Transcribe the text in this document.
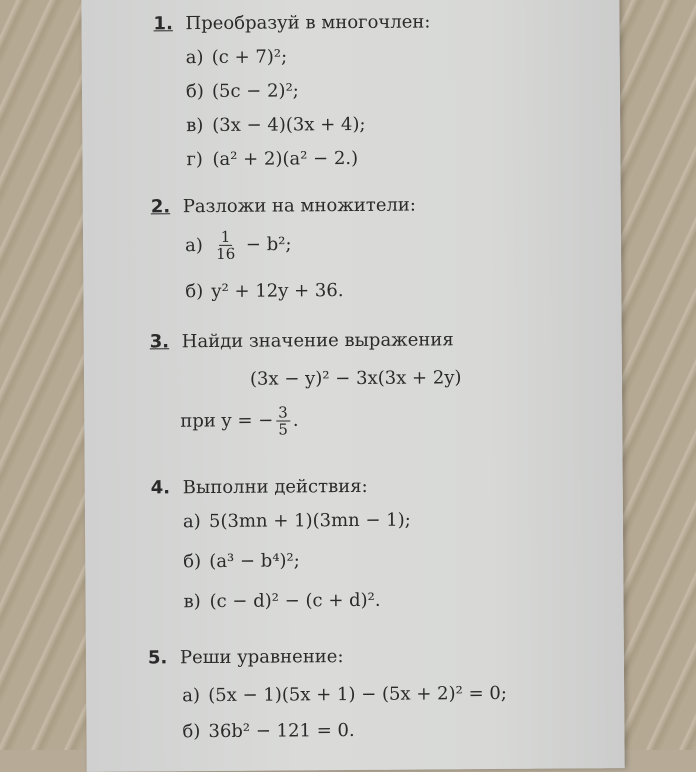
1. Преобразуй в многочлен:
а) (c + 7)²;
б) (5c − 2)²;
в) (3x − 4)(3x + 4);
г) (a² + 2)(a² − 2.)
2. Разложи на множители:
$а) \frac{1}{16} - b^2$;
б) y² + 12y + 36.
3. Найди значение выражения
(3x − y)² − 3x(3x + 2y)
при y = − $\frac{3}{5}$ .
4. Выполни действия:
а) 5(3mn + 1)(3mn − 1);
б) (a³ − b⁴)²;
в) (c − d)² − (c + d)².
5. Реши уравнение:
а) (5x − 1)(5x + 1) − (5x + 2)² = 0;
б) 36b² − 121 = 0.
